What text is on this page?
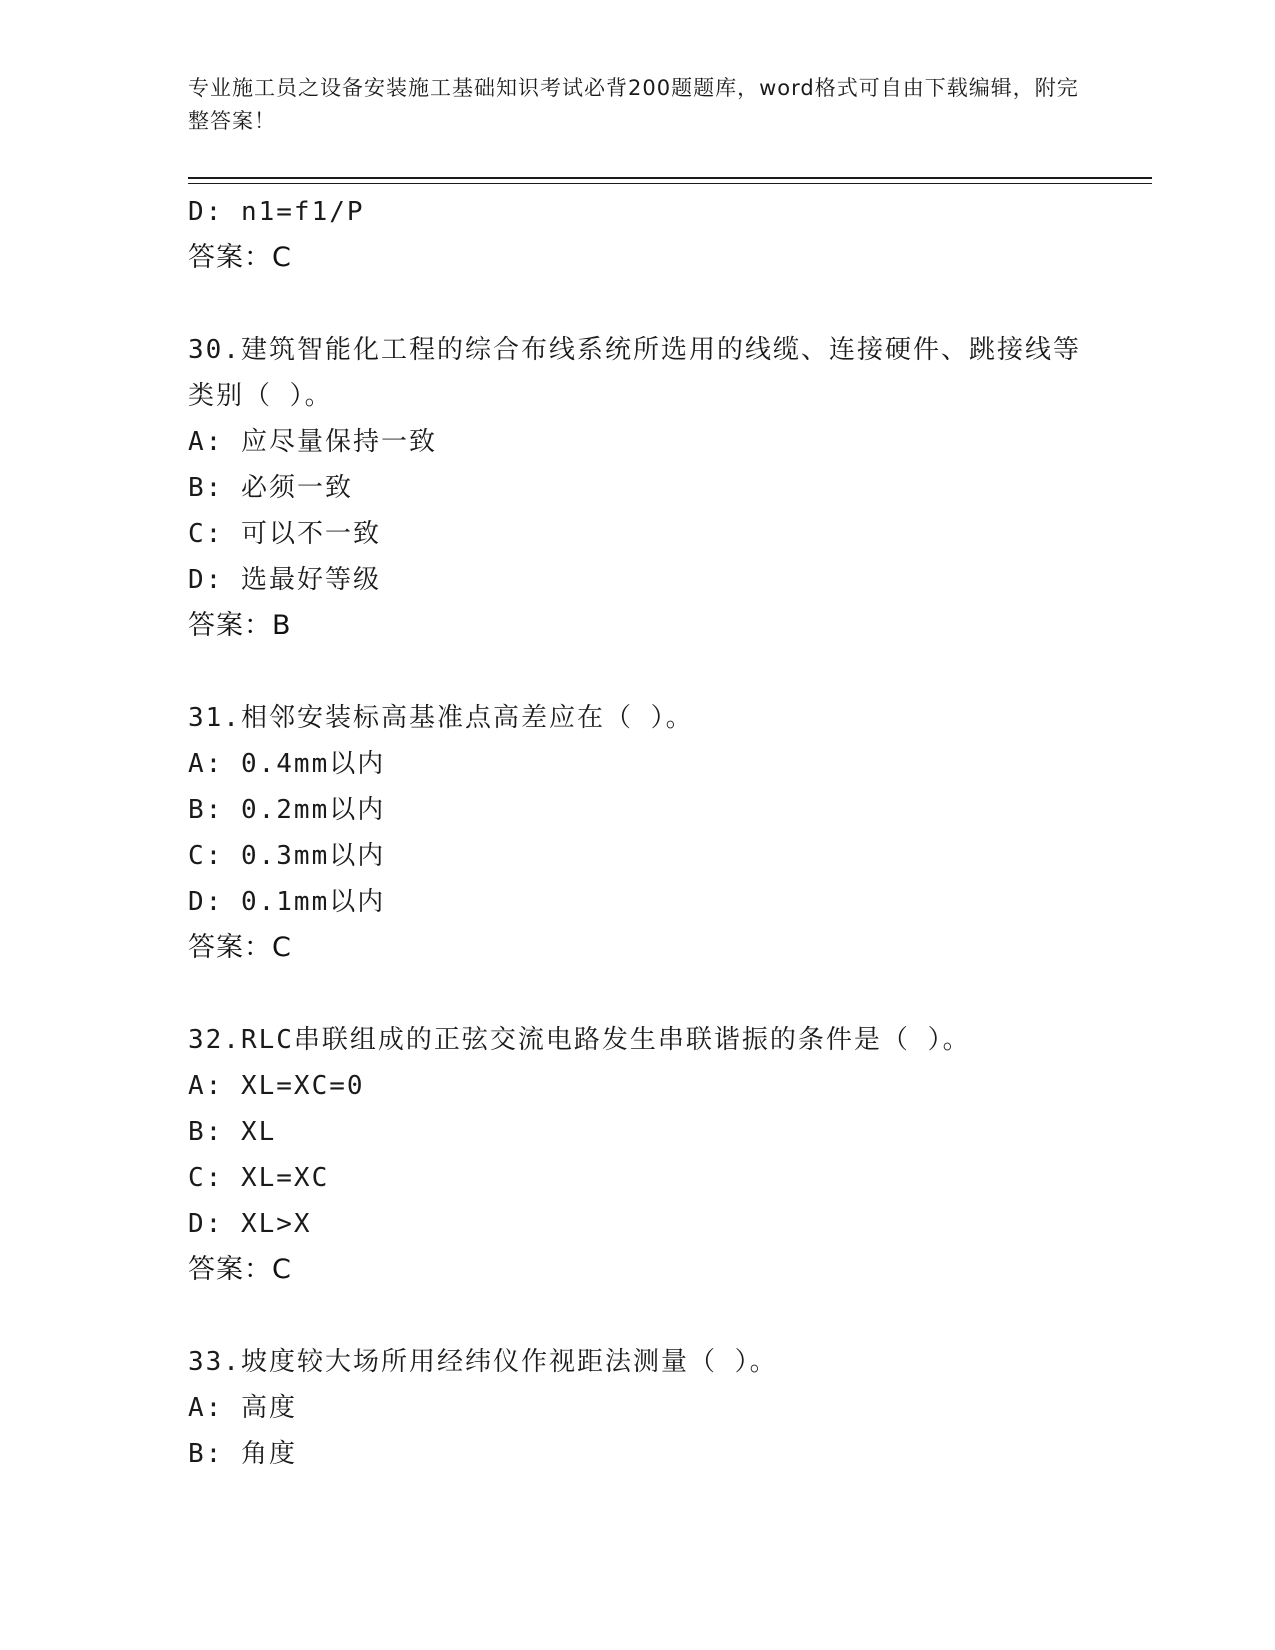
专业施工员之设备安装施工基础知识考试必背200题题库，word格式可自由下载编辑，附完整答案！
D: n1=f1/P
答案：C
30.建筑智能化工程的综合布线系统所选用的线缆、连接硬件、跳接线等类别（ ）。
A: 应尽量保持一致
B: 必须一致
C: 可以不一致
D: 选最好等级
答案：B
31.相邻安装标高基准点高差应在（ ）。
A: 0.4mm以内
B: 0.2mm以内
C: 0.3mm以内
D: 0.1mm以内
答案：C
32.RLC串联组成的正弦交流电路发生串联谐振的条件是（ ）。
A: XL=XC=0
B: XL
C: XL=XC
D: XL>X
答案：C
33.坡度较大场所用经纬仪作视距法测量（ ）。
A: 高度
B: 角度
